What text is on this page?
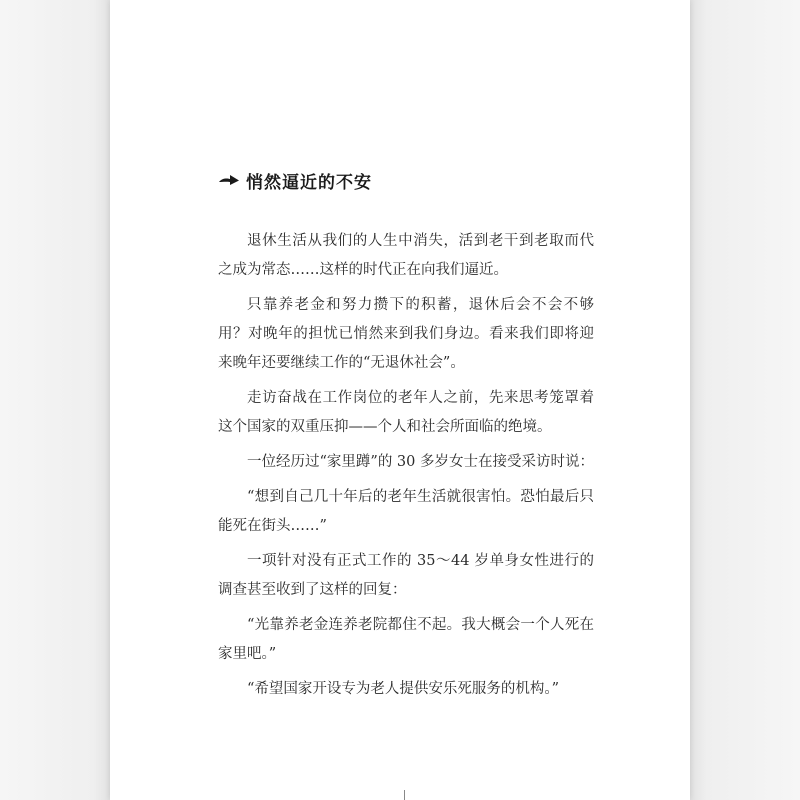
悄然逼近的不安

退休生活从我们的人生中消失，活到老干到老取而代之成为常态……这样的时代正在向我们逼近。

只靠养老金和努力攒下的积蓄，退休后会不会不够用？对晚年的担忧已悄然来到我们身边。看来我们即将迎来晚年还要继续工作的“无退休社会”。

走访奋战在工作岗位的老年人之前，先来思考笼罩着这个国家的双重压抑——个人和社会所面临的绝境。

一位经历过“家里蹲”的 30 多岁女士在接受采访时说：

“想到自己几十年后的老年生活就很害怕。恐怕最后只能死在街头……”

一项针对没有正式工作的 35～44 岁单身女性进行的调查甚至收到了这样的回复：

“光靠养老金连养老院都住不起。我大概会一个人死在家里吧。”

“希望国家开设专为老人提供安乐死服务的机构。”
